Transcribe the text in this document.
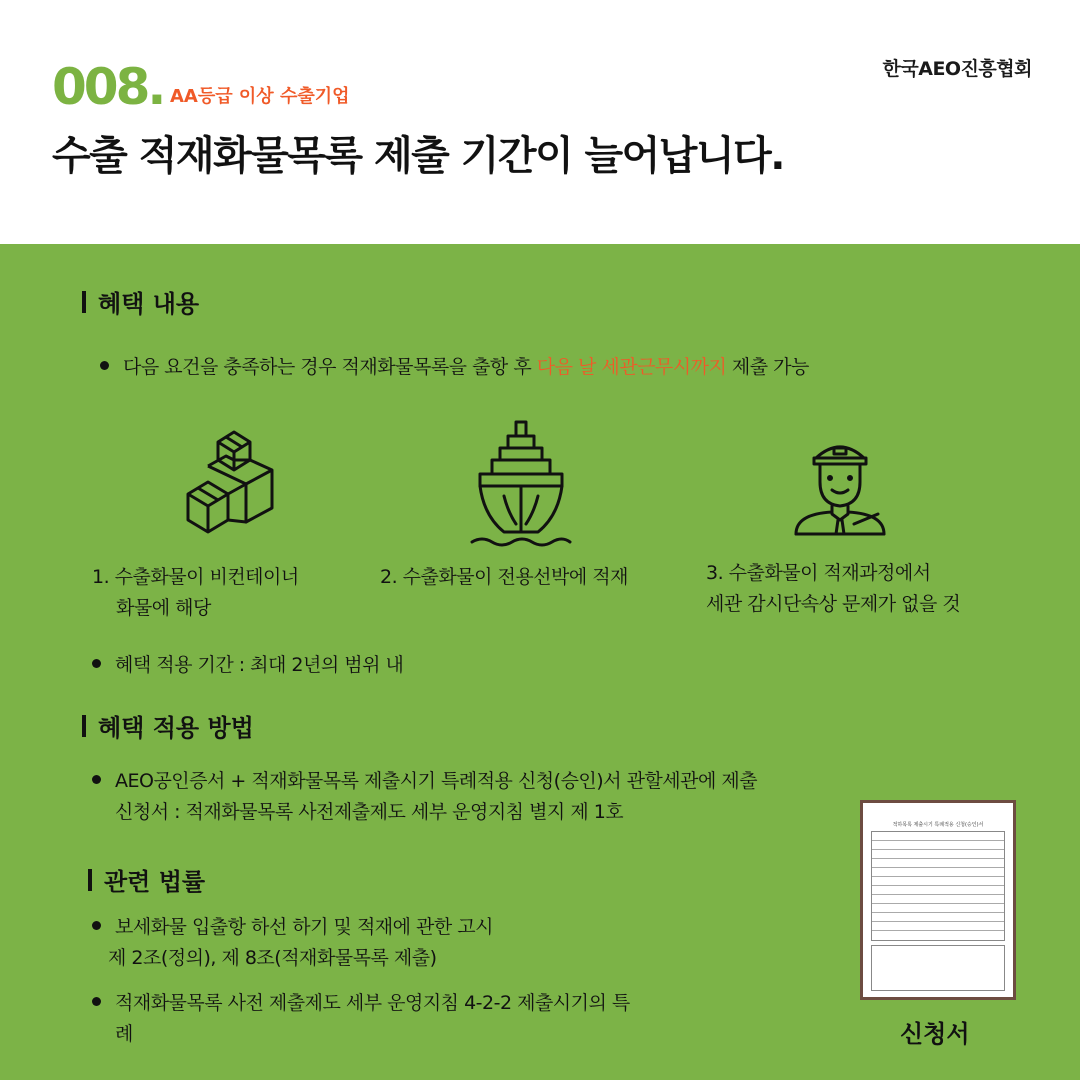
한국AEO진흥협회
008. AA등급 이상 수출기업
수출 적재화물목록 제출 기간이 늘어납니다.
혜택 내용
다음 요건을 충족하는 경우 적재화물목록을 출항 후 다음 날 세관근무시까지 제출 가능
1. 수출화물이 비컨테이너
화물에 해당
2. 수출화물이 전용선박에 적재	3. 수출화물이 적재과정에서
세관 감시단속상 문제가 없을 것
혜택 적용 기간 : 최대 2년의 범위 내
혜택 적용 방법
AEO공인증서 + 적재화물목록 제출시기 특례적용 신청(승인)서 관할세관에 제출
신청서 : 적재화물목록 사전제출제도 세부 운영지침 별지 제 1호
관련 법률
보세화물 입출항 하선 하기 및 적재에 관한 고시
제 2조(정의), 제 8조(적재화물목록 제출)
적재화물목록 사전 제출제도 세부 운영지침 4-2-2 제출시기의 특
례
적하목록 제출시기 특례적용 신청(승인)서
신청서
